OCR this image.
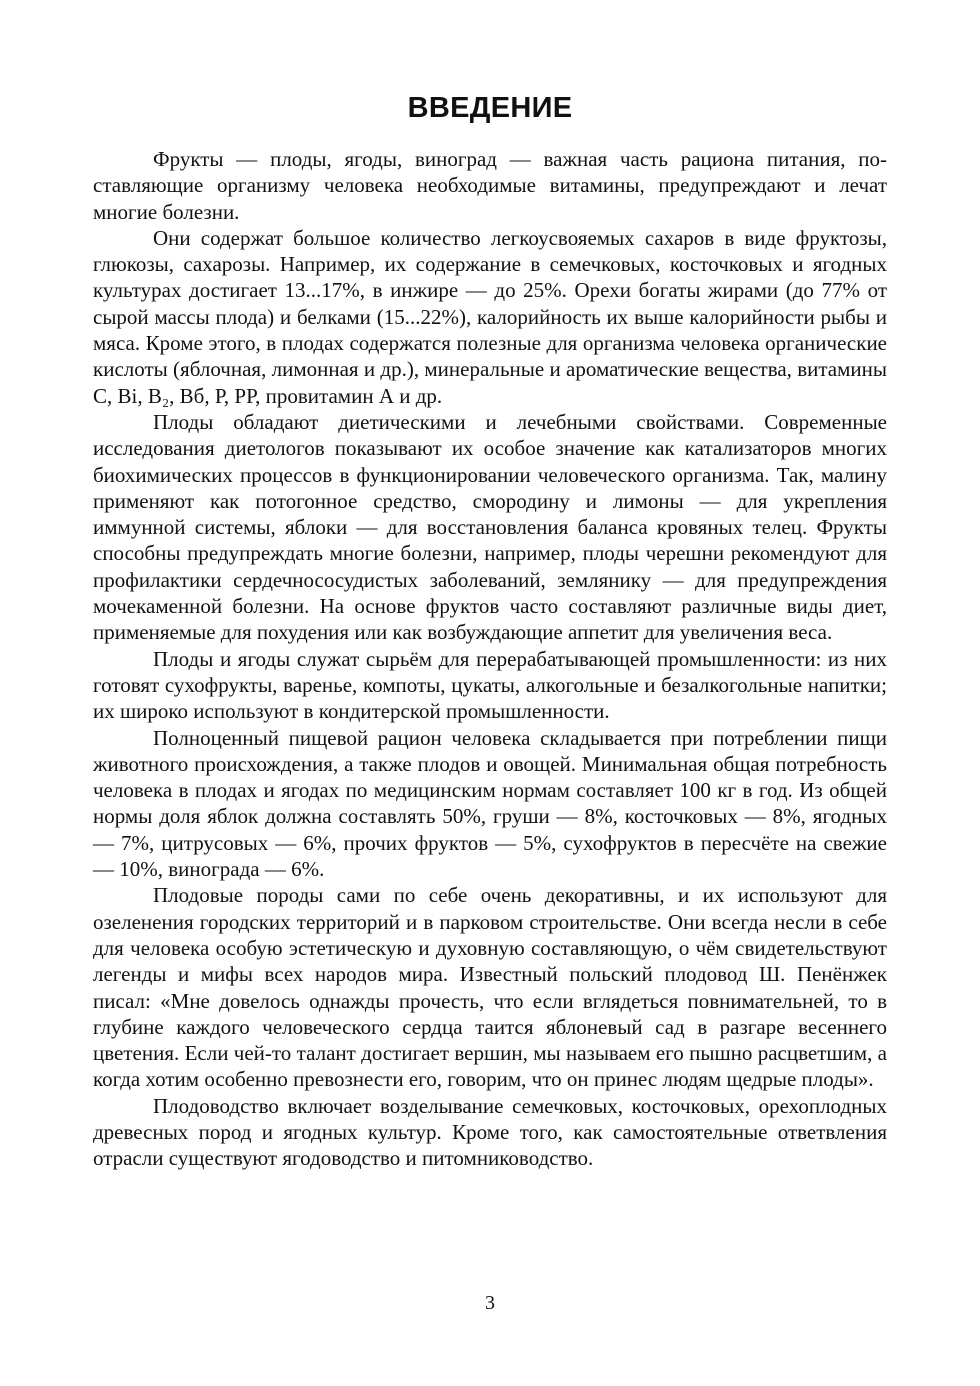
ВВЕДЕНИЕ

Фрукты — плоды, ягоды, виноград — важная часть рациона питания, поставляющие организму человека необходимые витамины, предупреждают и лечат многие болезни.

Они содержат большое количество легкоусвояемых сахаров в виде фруктозы, глюкозы, сахарозы. Например, их содержание в семечковых, косточковых и ягодных культурах достигает 13...17%, в инжире — до 25%. Орехи богаты жирами (до 77% от сырой массы плода) и белками (15...22%), калорийность их выше калорийности рыбы и мяса. Кроме этого, в плодах содержатся полезные для организма человека органические кислоты (яблочная, лимонная и др.), минеральные и ароматические вещества, витамины С, Bi, В₂, Вб, Р, РР, провитамин А и др.

Плоды обладают диетическими и лечебными свойствами. Современные исследования диетологов показывают их особое значение как катализаторов многих биохимических процессов в функционировании человеческого организма. Так, малину применяют как потогонное средство, смородину и лимоны — для укрепления иммунной системы, яблоки — для восстановления баланса кровяных телец. Фрукты способны предупреждать многие болезни, например, плоды черешни рекомендуют для профилактики сердечнососудистых заболеваний, землянику — для предупреждения мочекаменной болезни. На основе фруктов часто составляют различные виды диет, применяемые для похудения или как возбуждающие аппетит для увеличения веса.

Плоды и ягоды служат сырьём для перерабатывающей промышленности: из них готовят сухофрукты, варенье, компоты, цукаты, алкогольные и безалкогольные напитки; их широко используют в кондитерской промышленности.

Полноценный пищевой рацион человека складывается при потреблении пищи животного происхождения, а также плодов и овощей. Минимальная общая потребность человека в плодах и ягодах по медицинским нормам составляет 100 кг в год. Из общей нормы доля яблок должна составлять 50%, груши — 8%, косточковых — 8%, ягодных — 7%, цитрусовых — 6%, прочих фруктов — 5%, сухофруктов в пересчёте на свежие — 10%, винограда — 6%.

Плодовые породы сами по себе очень декоративны, и их используют для озеленения городских территорий и в парковом строительстве. Они всегда несли в себе для человека особую эстетическую и духовную составляющую, о чём свидетельствуют легенды и мифы всех народов мира. Известный польский плодовод Ш. Пенёнжек писал: «Мне довелось однажды прочесть, что если вглядеться повнимательней, то в глубине каждого человеческого сердца таится яблоневый сад в разгаре весеннего цветения. Если чей-то талант достигает вершин, мы называем его пышно расцветшим, а когда хотим особенно превознести его, говорим, что он принес людям щедрые плоды».

Плодоводство включает возделывание семечковых, косточковых, орехоплодных древесных пород и ягодных культур. Кроме того, как самостоятельные ответвления отрасли существуют ягодоводство и питомниководство.

3
